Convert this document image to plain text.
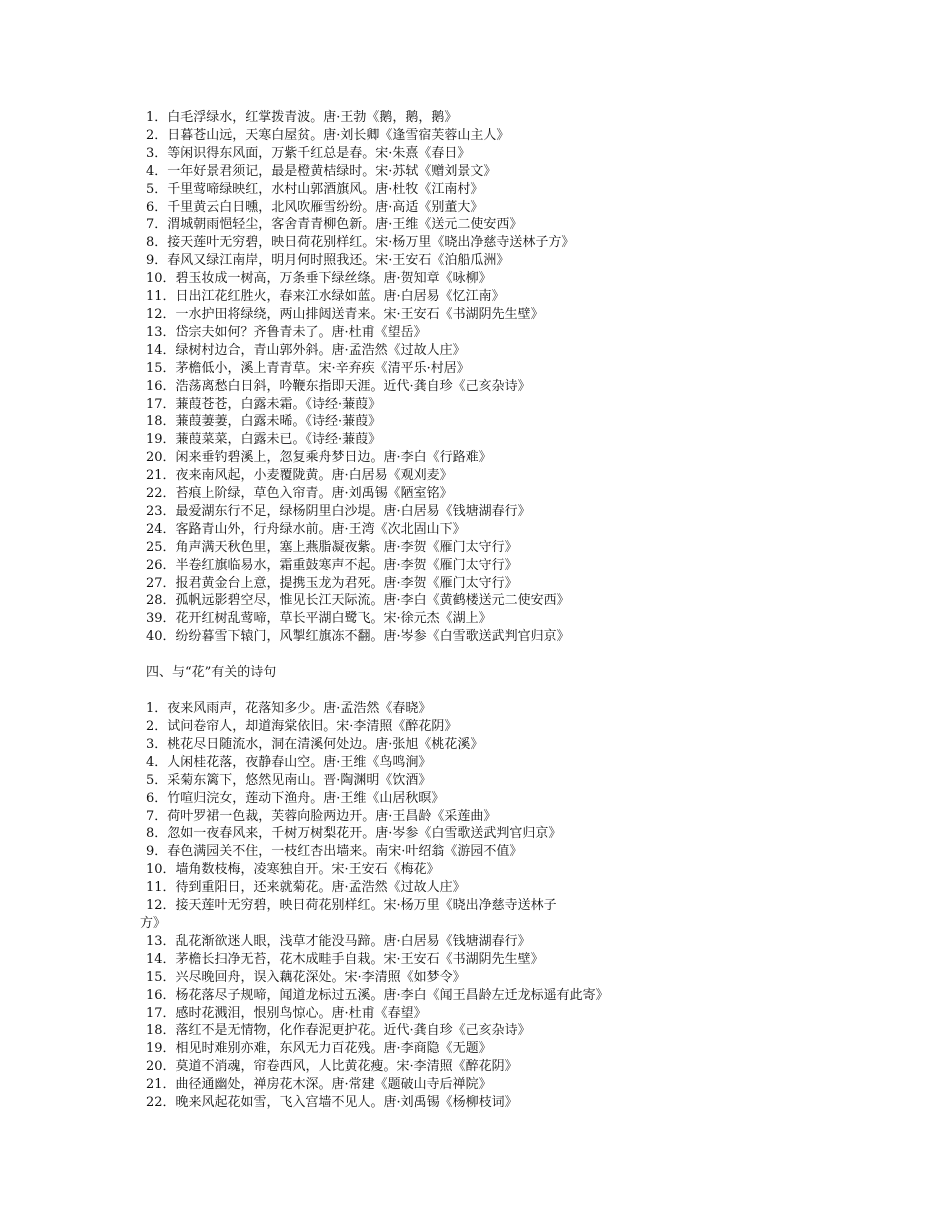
1．白毛浮绿水，红掌拨青波。唐·王勃《鹅，鹅，鹅》
2．日暮苍山远，天寒白屋贫。唐·刘长卿《逢雪宿芙蓉山主人》
3．等闲识得东风面，万紫千红总是春。宋·朱熹《春日》
4．一年好景君须记，最是橙黄桔绿时。宋·苏轼《赠刘景文》
5．千里莺啼绿映红，水村山郭酒旗风。唐·杜牧《江南村》
6．千里黄云白日曛，北风吹雁雪纷纷。唐·高适《别董大》
7．渭城朝雨悒轻尘，客舍青青柳色新。唐·王维《送元二使安西》
8．接天莲叶无穷碧，映日荷花别样红。宋·杨万里《晓出净慈寺送林子方》
9．春风又绿江南岸，明月何时照我还。宋·王安石《泊船瓜洲》
10．碧玉妆成一树高，万条垂下绿丝绦。唐·贺知章《咏柳》
11．日出江花红胜火，春来江水绿如蓝。唐·白居易《忆江南》
12．一水护田将绿绕，两山排闼送青来。宋·王安石《书湖阴先生壁》
13．岱宗夫如何？齐鲁青未了。唐·杜甫《望岳》
14．绿树村边合，青山郭外斜。唐·孟浩然《过故人庄》
15．茅檐低小，溪上青青草。宋·辛弃疾《清平乐·村居》
16．浩荡离愁白日斜，吟鞭东指即天涯。近代·龚自珍《己亥杂诗》
17．蒹葭苍苍，白露未霜。《诗经·蒹葭》
18．蒹葭萋萋，白露未晞。《诗经·蒹葭》
19．蒹葭菜菜，白露未已。《诗经·蒹葭》
20．闲来垂钓碧溪上，忽复乘舟梦日边。唐·李白《行路难》
21．夜来南风起，小麦覆陇黄。唐·白居易《观刈麦》
22．苔痕上阶绿，草色入帘青。唐·刘禹锡《陋室铭》
23．最爱湖东行不足，绿杨阴里白沙堤。唐·白居易《钱塘湖春行》
24．客路青山外，行舟绿水前。唐·王湾《次北固山下》
25．角声满天秋色里，塞上燕脂凝夜紫。唐·李贺《雁门太守行》
26．半卷红旗临易水，霜重鼓寒声不起。唐·李贺《雁门太守行》
27．报君黄金台上意，提携玉龙为君死。唐·李贺《雁门太守行》
28．孤帆远影碧空尽，惟见长江天际流。唐·李白《黄鹤楼送元二使安西》
39．花开红树乱莺啼，草长平湖白鹭飞。宋·徐元杰《湖上》
40．纷纷暮雪下辕门，风掣红旗冻不翻。唐·岑参《白雪歌送武判官归京》
四、与“花”有关的诗句
1．夜来风雨声，花落知多少。唐·孟浩然《春晓》
2．试问卷帘人，却道海棠依旧。宋·李清照《醉花阴》
3．桃花尽日随流水，洞在清溪何处边。唐·张旭《桃花溪》
4．人闲桂花落，夜静春山空。唐·王维《鸟鸣涧》
5．采菊东篱下，悠然见南山。晋·陶渊明《饮酒》
6．竹喧归浣女，莲动下渔舟。唐·王维《山居秋暝》
7．荷叶罗裙一色裁，芙蓉向脸两边开。唐·王昌龄《采莲曲》
8．忽如一夜春风来，千树万树梨花开。唐·岑参《白雪歌送武判官归京》
9．春色满园关不住，一枝红杏出墙来。南宋·叶绍翁《游园不值》
10．墙角数枝梅，凌寒独自开。宋·王安石《梅花》
11．待到重阳日，还来就菊花。唐·孟浩然《过故人庄》
12．接天莲叶无穷碧，映日荷花别样红。宋·杨万里《晓出净慈寺送林子
方》
13．乱花渐欲迷人眼，浅草才能没马蹄。唐·白居易《钱塘湖春行》
14．茅檐长扫净无苔，花木成畦手自栽。宋·王安石《书湖阴先生壁》
15．兴尽晚回舟，误入藕花深处。宋·李清照《如梦令》
16．杨花落尽子规啼，闻道龙标过五溪。唐·李白《闻王昌龄左迁龙标遥有此寄》
17．感时花溅泪，恨别鸟惊心。唐·杜甫《春望》
18．落红不是无情物，化作春泥更护花。近代·龚自珍《己亥杂诗》
19．相见时难别亦难，东风无力百花残。唐·李商隐《无题》
20．莫道不消魂，帘卷西风，人比黄花瘦。宋·李清照《醉花阴》
21．曲径通幽处，禅房花木深。唐·常建《题破山寺后禅院》
22．晚来风起花如雪，飞入宫墙不见人。唐·刘禹锡《杨柳枝词》
